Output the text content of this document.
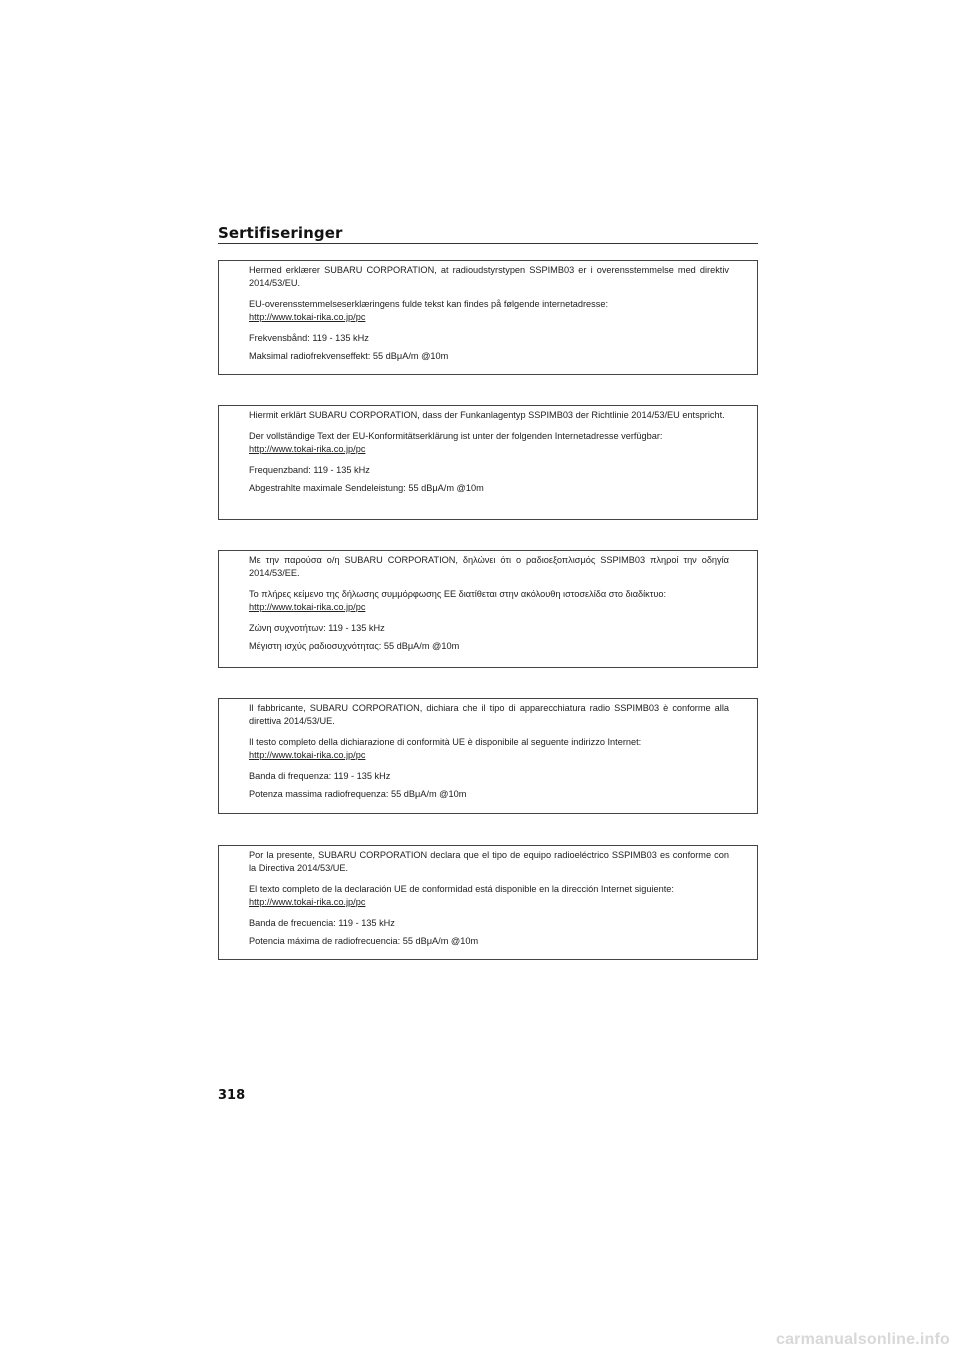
Sertifiseringer

Hermed erklærer SUBARU CORPORATION, at radioudstyrstypen SSPIMB03 er i overensstemmelse med direktiv 2014/53/EU.

EU-overensstemmelseserklæringens fulde tekst kan findes på følgende internetadresse:

http://www.tokai-rika.co.jp/pc

Frekvensbånd: 119 - 135 kHz

Maksimal radiofrekvenseffekt: 55 dBμA/m @10m

Hiermit erklärt SUBARU CORPORATION, dass der Funkanlagentyp SSPIMB03 der Richtlinie 2014/53/EU entspricht.

Der vollständige Text der EU-Konformitätserklärung ist unter der folgenden Internetadresse verfügbar:

http://www.tokai-rika.co.jp/pc

Frequenzband: 119 - 135 kHz

Abgestrahlte maximale Sendeleistung: 55 dBμA/m @10m

Με την παρούσα ο/η SUBARU CORPORATION, δηλώνει ότι ο ραδιοεξοπλισμός SSPIMB03 πληροί την οδηγία 2014/53/ΕΕ.

Το πλήρες κείμενο της δήλωσης συμμόρφωσης ΕΕ διατίθεται στην ακόλουθη ιστοσελίδα στο διαδίκτυο:

http://www.tokai-rika.co.jp/pc

Ζώνη συχνοτήτων: 119 - 135 kHz

Μέγιστη ισχύς ραδιοσυχνότητας: 55 dBμA/m @10m

Il fabbricante, SUBARU CORPORATION, dichiara che il tipo di apparecchiatura radio SSPIMB03 è conforme alla direttiva 2014/53/UE.

Il testo completo della dichiarazione di conformità UE è disponibile al seguente indirizzo Internet:

http://www.tokai-rika.co.jp/pc

Banda di frequenza: 119 - 135 kHz

Potenza massima radiofrequenza: 55 dBμA/m @10m

Por la presente, SUBARU CORPORATION declara que el tipo de equipo radioeléctrico SSPIMB03 es conforme con la Directiva 2014/53/UE.

El texto completo de la declaración UE de conformidad está disponible en la dirección Internet siguiente:

http://www.tokai-rika.co.jp/pc

Banda de frecuencia: 119 - 135 kHz

Potencia máxima de radiofrecuencia: 55 dBμA/m @10m

318
carmanualsonline.info
